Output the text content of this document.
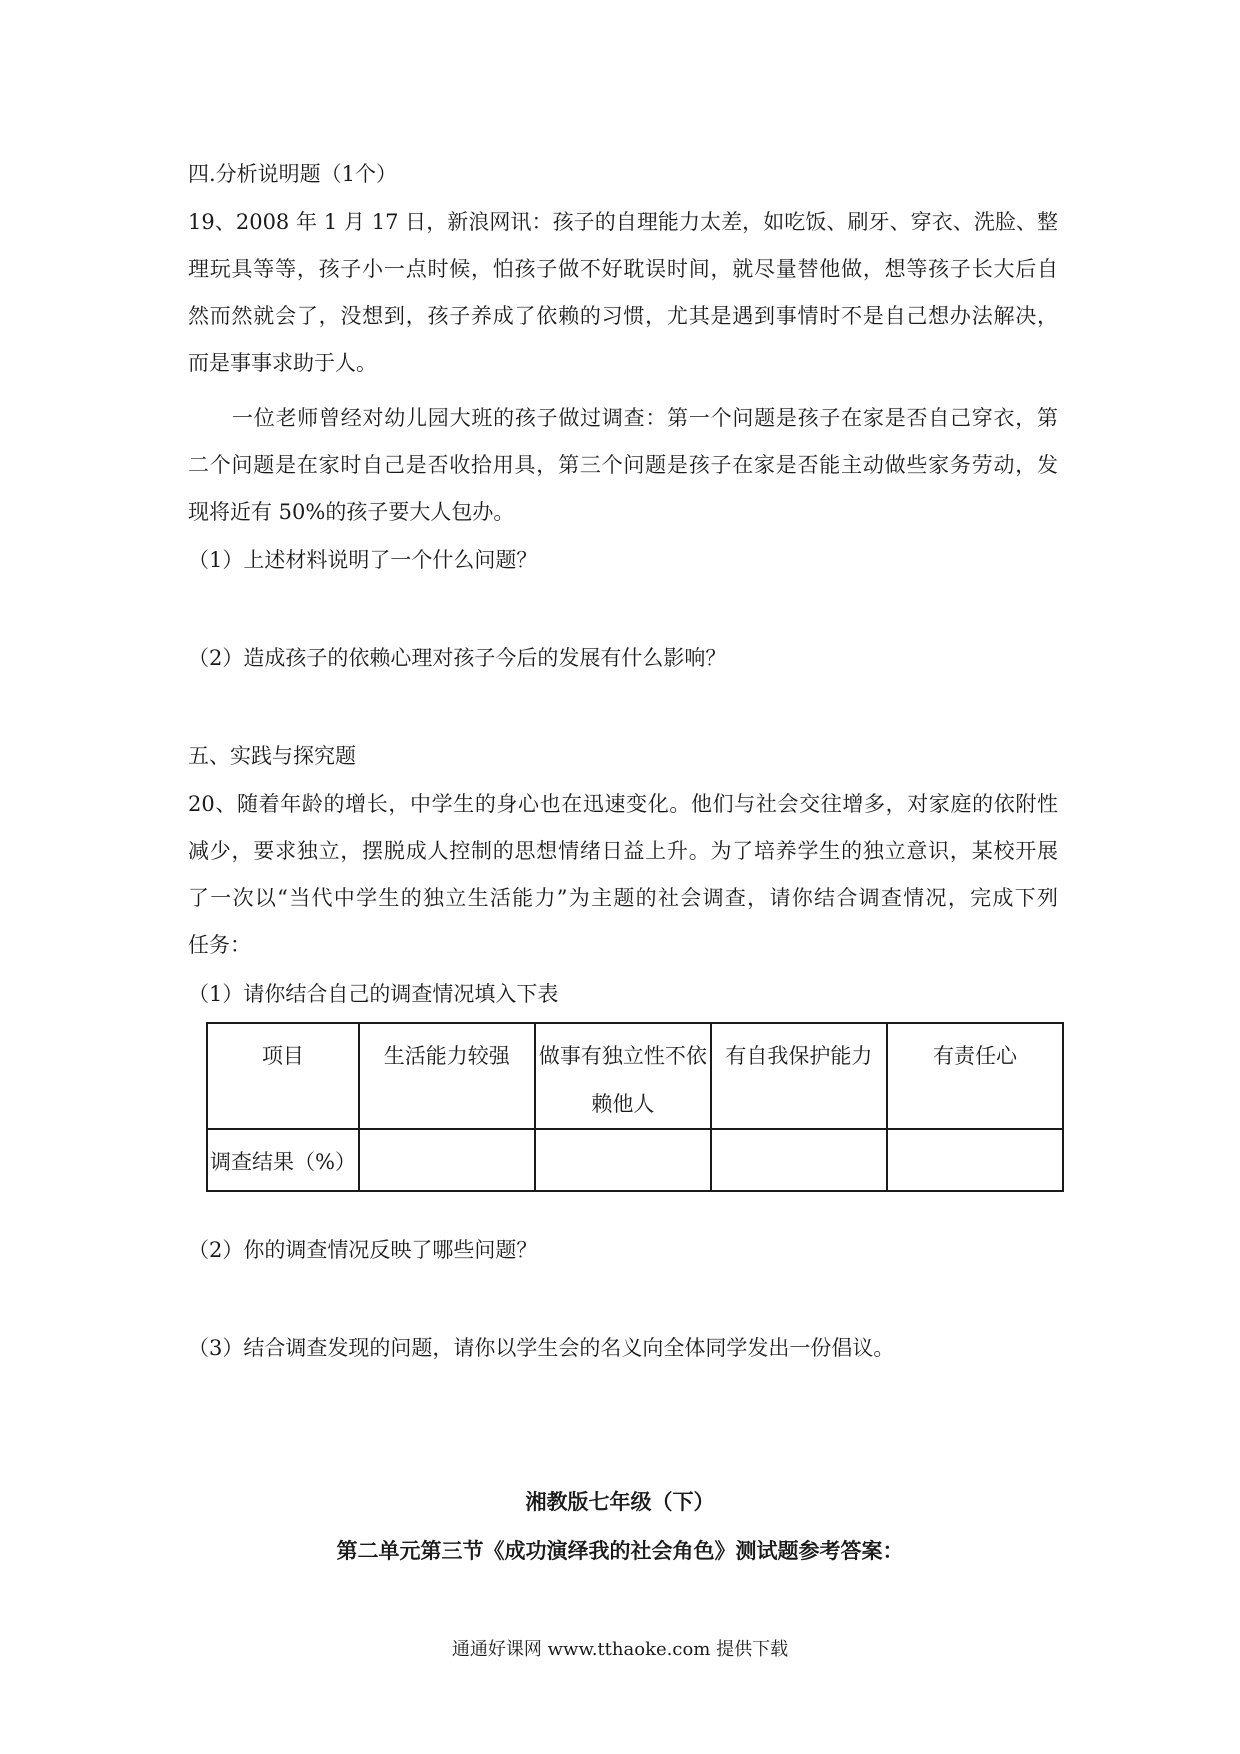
四.分析说明题（1个）
19、2008 年 1 月 17 日，新浪网讯：孩子的自理能力太差，如吃饭、刷牙、穿衣、洗脸、整
理玩具等等，孩子小一点时候，怕孩子做不好耽误时间，就尽量替他做，想等孩子长大后自
然而然就会了，没想到，孩子养成了依赖的习惯，尤其是遇到事情时不是自己想办法解决，
而是事事求助于人。
一位老师曾经对幼儿园大班的孩子做过调查：第一个问题是孩子在家是否自己穿衣，第
二个问题是在家时自己是否收拾用具，第三个问题是孩子在家是否能主动做些家务劳动，发
现将近有 50%的孩子要大人包办。
（1）上述材料说明了一个什么问题？
（2）造成孩子的依赖心理对孩子今后的发展有什么影响？
五、实践与探究题
20、随着年龄的增长，中学生的身心也在迅速变化。他们与社会交往增多，对家庭的依附性
减少，要求独立，摆脱成人控制的思想情绪日益上升。为了培养学生的独立意识，某校开展
了一次以“当代中学生的独立生活能力”为主题的社会调查，请你结合调查情况，完成下列
任务：
（1）请你结合自己的调查情况填入下表
项目	生活能力较强	做事有独立性不依赖他人	有自我保护能力	有责任心
调查结果（%）				
（2）你的调查情况反映了哪些问题？
（3）结合调查发现的问题，请你以学生会的名义向全体同学发出一份倡议。
湘教版七年级（下）
第二单元第三节《成功演绎我的社会角色》测试题参考答案：
通通好课网 www.tthaoke.com 提供下载
